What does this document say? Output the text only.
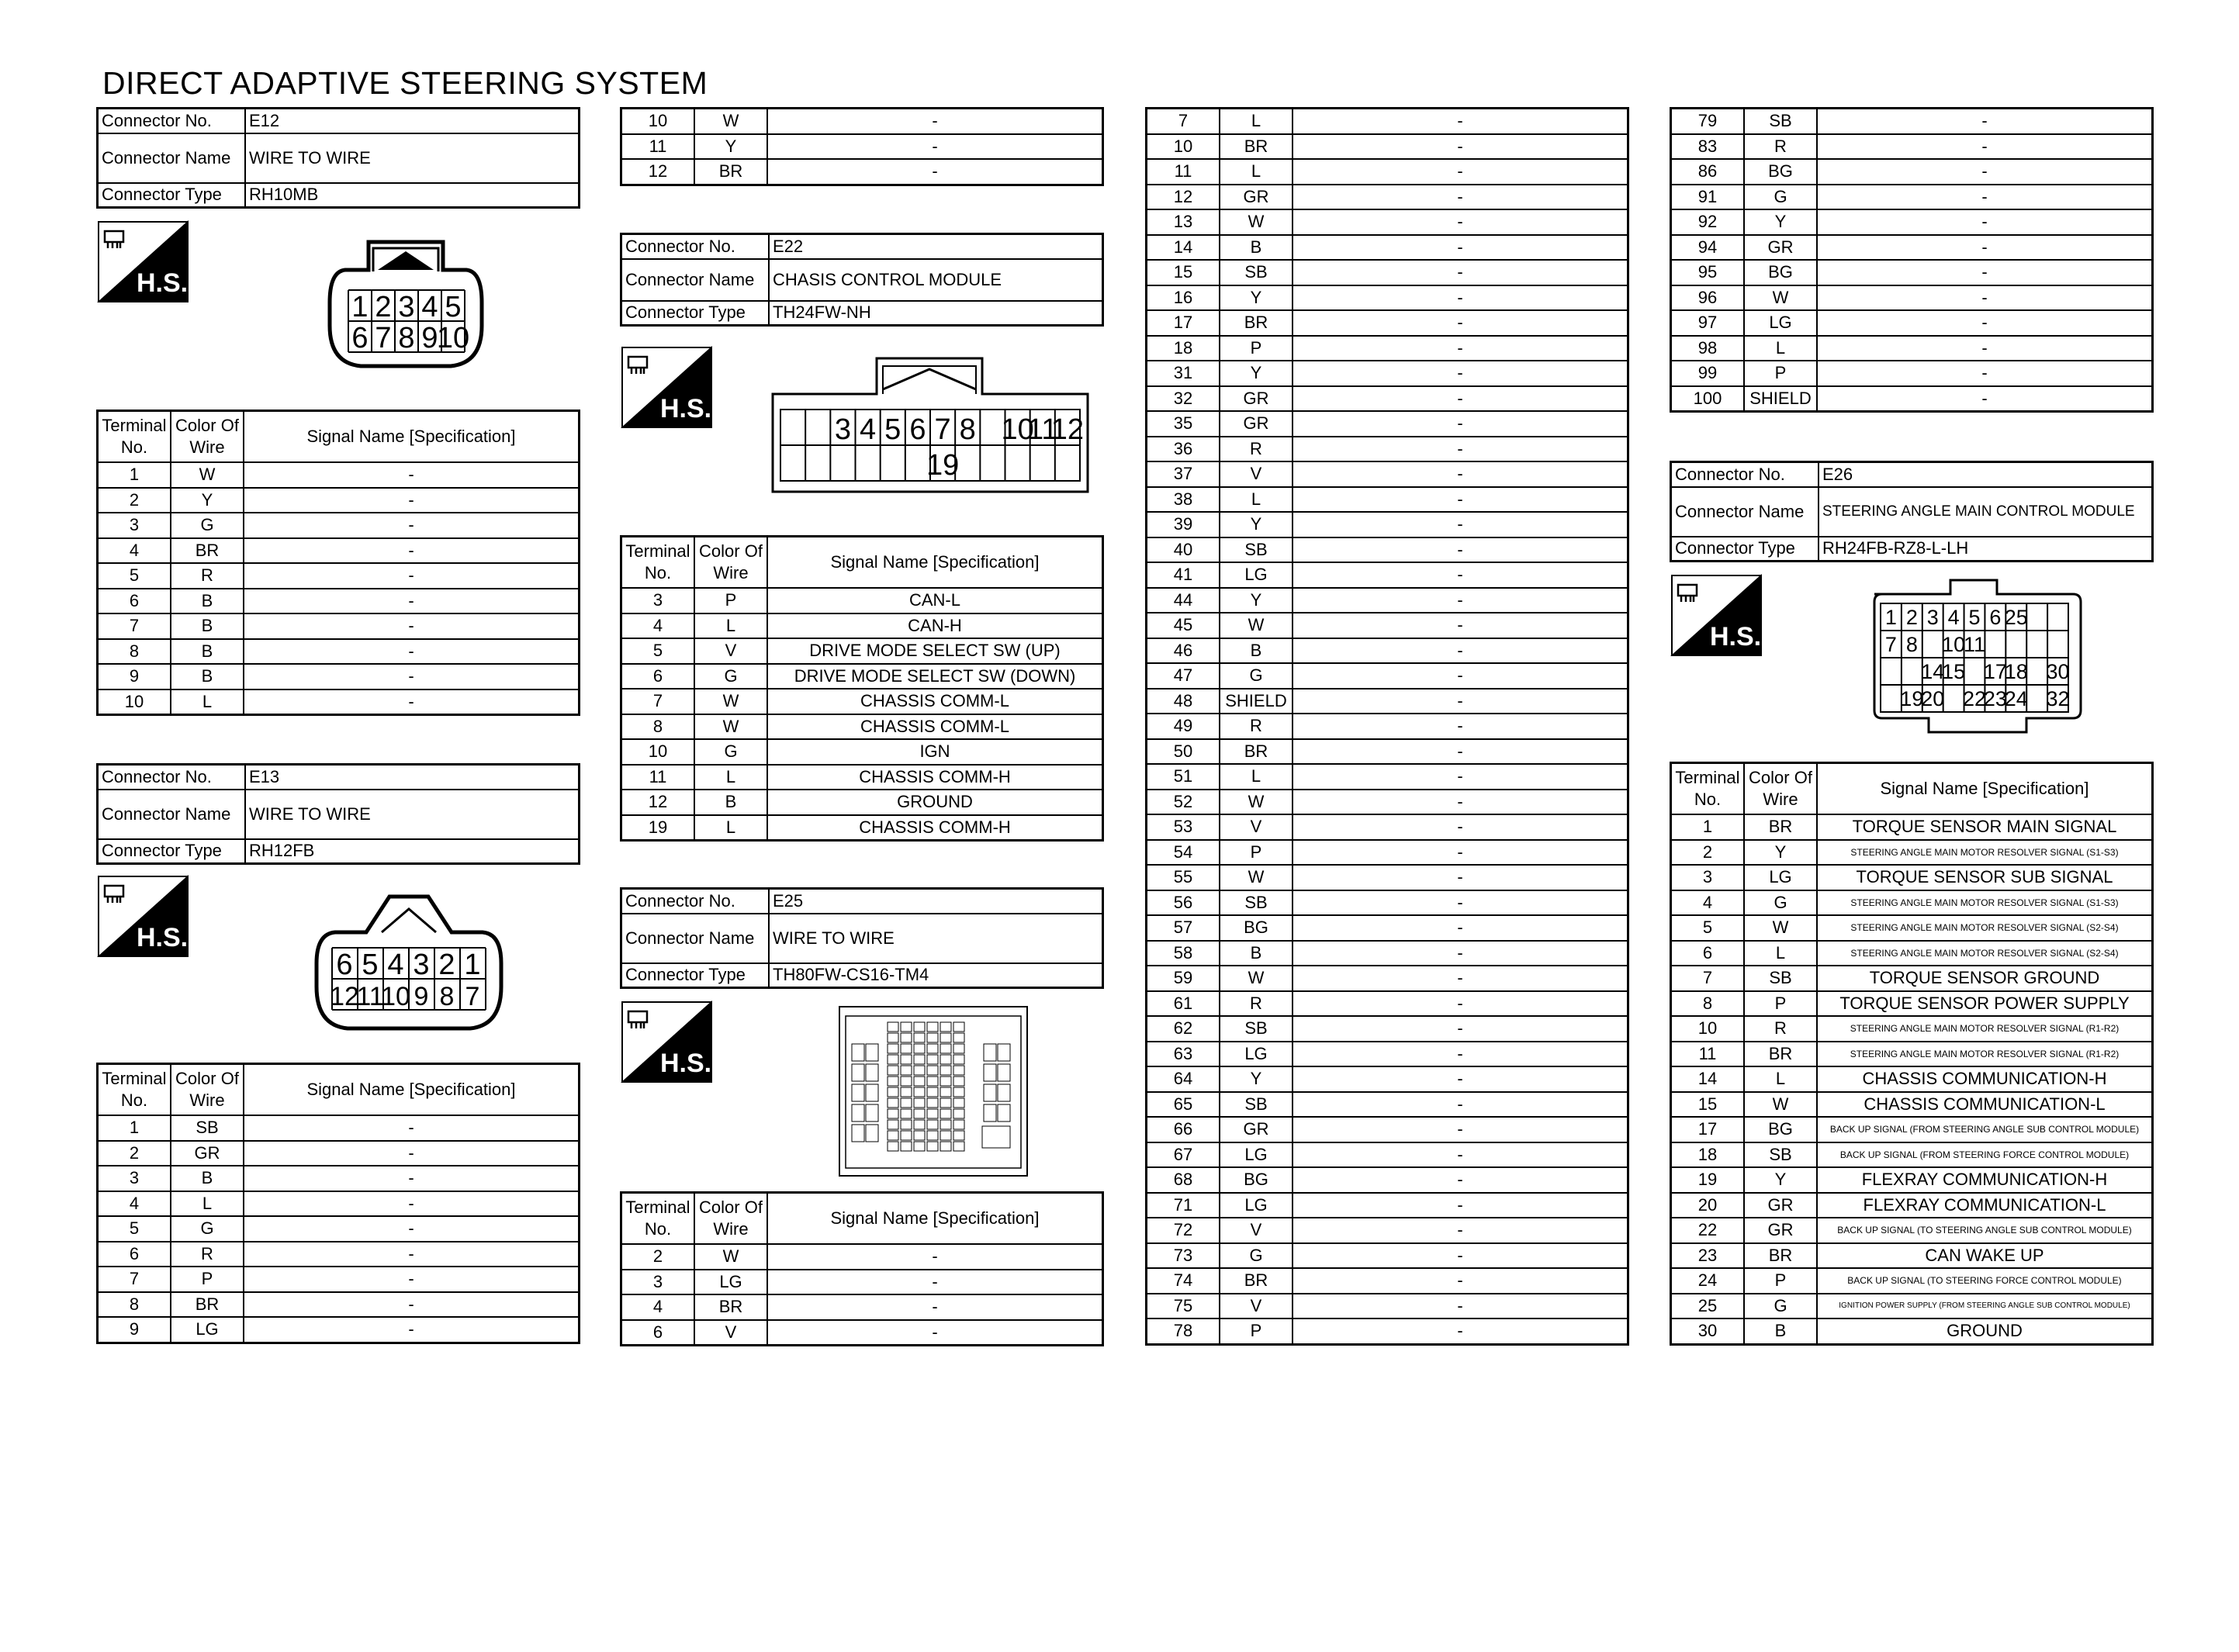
DIRECT ADAPTIVE STEERING SYSTEM
Connector No.	E12
Connector Name	WIRE TO WIRE
Connector Type	RH10MB
H.S.
1 2 3 4 5
6 7 8 9
10
Terminal No.	Color Of Wire	Signal Name [Specification]
1	W	-
2	Y	-
3	G	-
4	BR	-
5	R	-
6	B	-
7	B	-
8	B	-
9	B	-
10	L	-
Connector No.	E13
Connector Name	WIRE TO WIRE
Connector Type	RH12FB
H.S.
6 5 4 3 2 1
12
11
10 9 8 7
Terminal No.	Color Of Wire	Signal Name [Specification]
1	SB	-
2	GR	-
3	B	-
4	L	-
5	G	-
6	R	-
7	P	-
8	BR	-
9	LG	-
10	W	-
11	Y	-
12	BR	-
Connector No.	E22
Connector Name	CHASIS CONTROL MODULE
Connector Type	TH24FW-NH
H.S.
3 4 5 6 7 8 10
11
12
19
Terminal No.	Color Of Wire	Signal Name [Specification]
3	P	CAN-L
4	L	CAN-H
5	V	DRIVE MODE SELECT SW (UP)
6	G	DRIVE MODE SELECT SW (DOWN)
7	W	CHASSIS COMM-L
8	W	CHASSIS COMM-L
10	G	IGN
11	L	CHASSIS COMM-H
12	B	GROUND
19	L	CHASSIS COMM-H
Connector No.	E25
Connector Name	WIRE TO WIRE
Connector Type	TH80FW-CS16-TM4
H.S.
Terminal No.	Color Of Wire	Signal Name [Specification]
2	W	-
3	LG	-
4	BR	-
6	V	-
7	L	-
10	BR	-
11	L	-
12	GR	-
13	W	-
14	B	-
15	SB	-
16	Y	-
17	BR	-
18	P	-
31	Y	-
32	GR	-
35	GR	-
36	R	-
37	V	-
38	L	-
39	Y	-
40	SB	-
41	LG	-
44	Y	-
45	W	-
46	B	-
47	G	-
48	SHIELD	-
49	R	-
50	BR	-
51	L	-
52	W	-
53	V	-
54	P	-
55	W	-
56	SB	-
57	BG	-
58	B	-
59	W	-
61	R	-
62	SB	-
63	LG	-
64	Y	-
65	SB	-
66	GR	-
67	LG	-
68	BG	-
71	LG	-
72	V	-
73	G	-
74	BR	-
75	V	-
78	P	-
79	SB	-
83	R	-
86	BG	-
91	G	-
92	Y	-
94	GR	-
95	BG	-
96	W	-
97	LG	-
98	L	-
99	P	-
100	SHIELD	-
Connector No.	E26
Connector Name	STEERING ANGLE MAIN CONTROL MODULE
Connector Type	RH24FB-RZ8-L-LH
H.S.
1 2 3 4 5 6 25
7 8 10
11
14
15 17
18 30
19
20 22
23
24 32
Terminal No.	Color Of Wire	Signal Name [Specification]
1	BR	TORQUE SENSOR MAIN SIGNAL
2	Y	STEERING ANGLE MAIN MOTOR RESOLVER SIGNAL (S1-S3)
3	LG	TORQUE SENSOR SUB SIGNAL
4	G	STEERING ANGLE MAIN MOTOR RESOLVER SIGNAL (S1-S3)
5	W	STEERING ANGLE MAIN MOTOR RESOLVER SIGNAL (S2-S4)
6	L	STEERING ANGLE MAIN MOTOR RESOLVER SIGNAL (S2-S4)
7	SB	TORQUE SENSOR GROUND
8	P	TORQUE SENSOR POWER SUPPLY
10	R	STEERING ANGLE MAIN MOTOR RESOLVER SIGNAL (R1-R2)
11	BR	STEERING ANGLE MAIN MOTOR RESOLVER SIGNAL (R1-R2)
14	L	CHASSIS COMMUNICATION-H
15	W	CHASSIS COMMUNICATION-L
17	BG	BACK UP SIGNAL (FROM STEERING ANGLE SUB CONTROL MODULE)
18	SB	BACK UP SIGNAL (FROM STEERING FORCE CONTROL MODULE)
19	Y	FLEXRAY COMMUNICATION-H
20	GR	FLEXRAY COMMUNICATION-L
22	GR	BACK UP SIGNAL (TO STEERING ANGLE SUB CONTROL MODULE)
23	BR	CAN WAKE UP
24	P	BACK UP SIGNAL (TO STEERING FORCE CONTROL MODULE)
25	G	IGNITION POWER SUPPLY (FROM STEERING ANGLE SUB CONTROL MODULE)
30	B	GROUND
